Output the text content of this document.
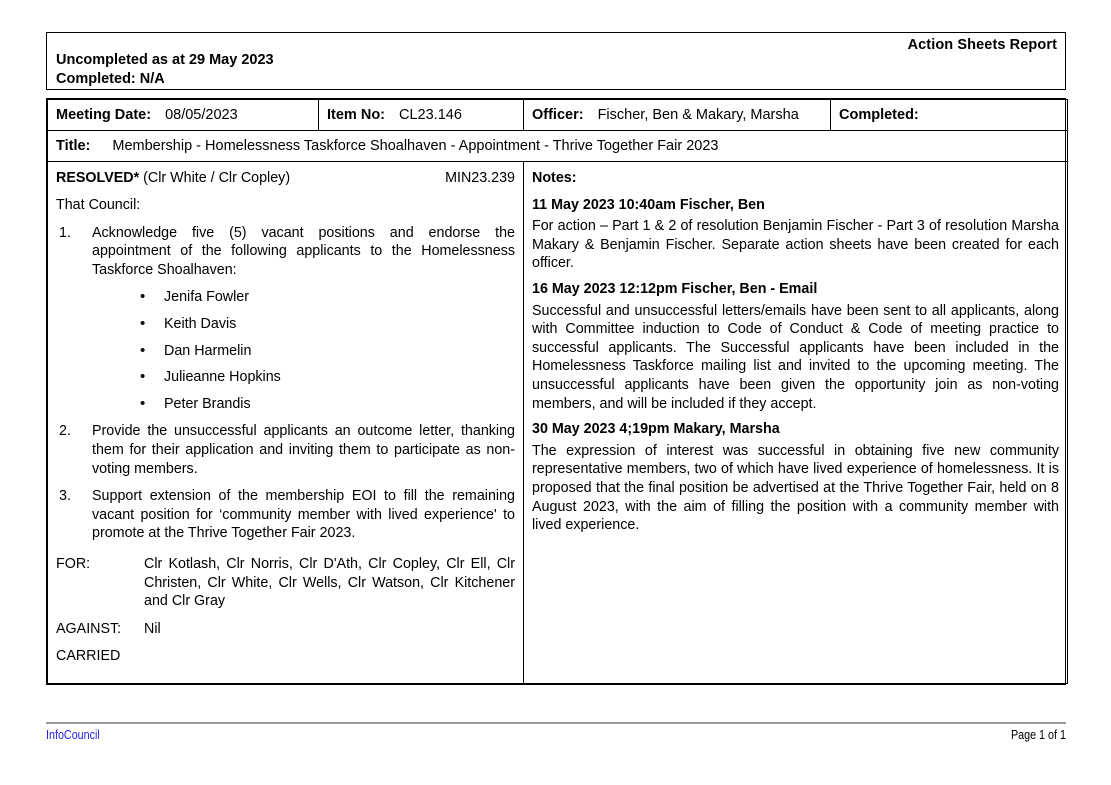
Action Sheets Report
Uncompleted as at 29 May 2023
Completed: N/A
Meeting Date: 08/05/2023	Item No: CL23.146	Officer: Fischer, Ben & Makary, Marsha	Completed:
Title: Membership - Homelessness Taskforce Shoalhaven - Appointment - Thrive Together Fair 2023			

RESOLVED* (Clr White / Clr Copley)	MIN23.239
That Council:
1. Acknowledge five (5) vacant positions and endorse the appointment of the following applicants to the Homelessness Taskforce Shoalhaven:
• Jenifa Fowler
• Keith Davis
• Dan Harmelin
• Julieanne Hopkins
• Peter Brandis
2. Provide the unsuccessful applicants an outcome letter, thanking them for their application and inviting them to participate as non-voting members.
3. Support extension of the membership EOI to fill the remaining vacant position for ‘community member with lived experience' to promote at the Thrive Together Fair 2023.
FOR:	Clr Kotlash, Clr Norris, Clr D'Ath, Clr Copley, Clr Ell, Clr Christen, Clr White, Clr Wells, Clr Watson, Clr Kitchener and Clr Gray
AGAINST: Nil
CARRIED

Notes:
11 May 2023 10:40am Fischer, Ben
For action – Part 1 & 2 of resolution Benjamin Fischer - Part 3 of resolution Marsha Makary & Benjamin Fischer. Separate action sheets have been created for each officer.
16 May 2023 12:12pm Fischer, Ben - Email
Successful and unsuccessful letters/emails have been sent to all applicants, along with Committee induction to Code of Conduct & Code of meeting practice to successful applicants. The Successful applicants have been included in the Homelessness Taskforce mailing list and invited to the upcoming meeting. The unsuccessful applicants have been given the opportunity join as non-voting members, and will be included if they accept.
30 May 2023 4;19pm Makary, Marsha
The expression of interest was successful in obtaining five new community representative members, two of which have lived experience of homelessness. It is proposed that the final position be advertised at the Thrive Together Fair, held on 8 August 2023, with the aim of filling the position with a community member with lived experience.
InfoCouncil	Page 1 of 1
